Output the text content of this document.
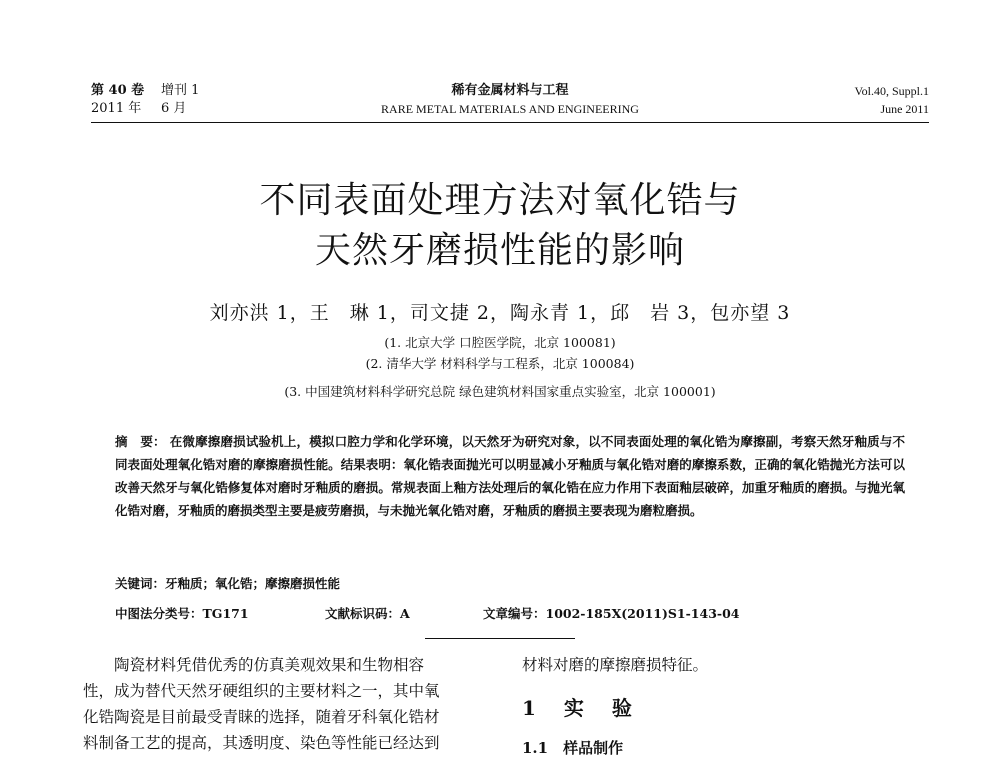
第 40 卷 增刊 1
2011 年 6 月
稀有金属材料与工程
RARE METAL MATERIALS AND ENGINEERING
Vol.40, Suppl.1
June 2011
不同表面处理方法对氧化锆与
天然牙磨损性能的影响
刘亦洪 1，王　琳 1，司文捷 2，陶永青 1，邱　岩 3，包亦望 3
(1. 北京大学 口腔医学院，北京 100081)
(2. 清华大学 材料科学与工程系，北京 100084)
(3. 中国建筑材料科学研究总院 绿色建筑材料国家重点实验室，北京 100001)
摘　要： 在微摩擦磨损试验机上，模拟口腔力学和化学环境，以天然牙为研究对象，以不同表面处理的氧化锆为摩擦副，考察天然牙釉质与不同表面处理氧化锆对磨的摩擦磨损性能。结果表明：氧化锆表面抛光可以明显减小牙釉质与氧化锆对磨的摩擦系数，正确的氧化锆抛光方法可以改善天然牙与氧化锆修复体对磨时牙釉质的磨损。常规表面上釉方法处理后的氧化锆在应力作用下表面釉层破碎，加重牙釉质的磨损。与抛光氧化锆对磨，牙釉质的磨损类型主要是疲劳磨损，与未抛光氧化锆对磨，牙釉质的磨损主要表现为磨粒磨损。
关键词：牙釉质；氧化锆；摩擦磨损性能
中图法分类号：TG171	文献标识码：A	文章编号：1002-185X(2011)S1-143-04
　　陶瓷材料凭借优秀的仿真美观效果和生物相容
性，成为替代天然牙硬组织的主要材料之一，其中氧
化锆陶瓷是目前最受青睐的选择，随着牙科氧化锆材
料制备工艺的提高，其透明度、染色等性能已经达到
材料对磨的摩擦磨损特征。
1　实　验
1.1　样品制作
